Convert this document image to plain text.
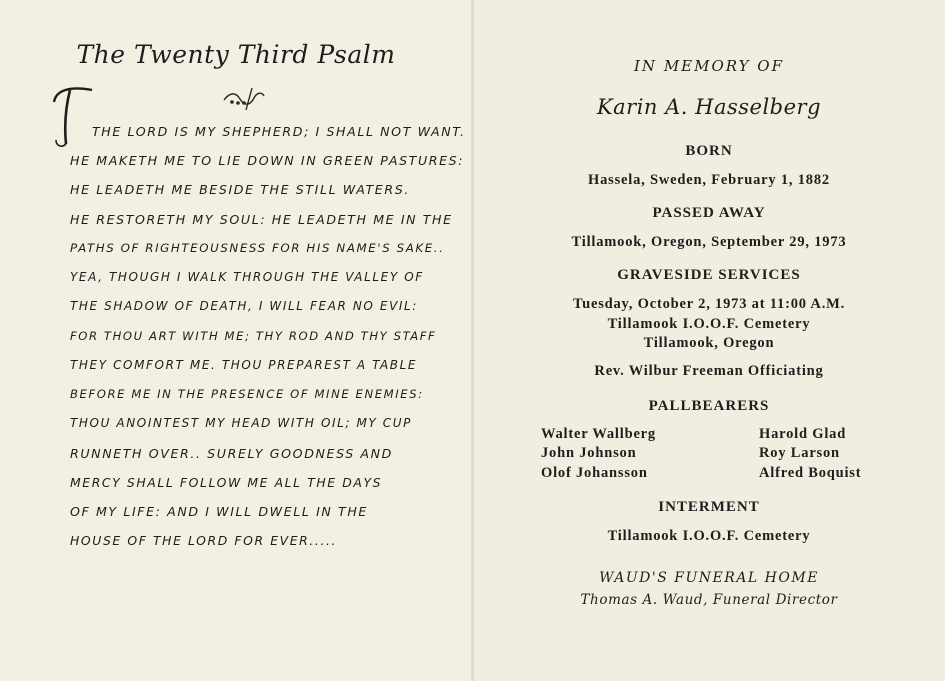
The Twenty Third Psalm
THE LORD IS MY SHEPHERD; I SHALL NOT WANT.
HE MAKETH ME TO LIE DOWN IN GREEN PASTURES:
HE LEADETH ME BESIDE THE STILL WATERS.
HE RESTORETH MY SOUL: HE LEADETH ME IN THE
PATHS OF RIGHTEOUSNESS FOR HIS NAME'S SAKE..
YEA, THOUGH I WALK THROUGH THE VALLEY OF
THE SHADOW OF DEATH, I WILL FEAR NO EVIL:
FOR THOU ART WITH ME; THY ROD AND THY STAFF
THEY COMFORT ME. THOU PREPAREST A TABLE
BEFORE ME IN THE PRESENCE OF MINE ENEMIES:
THOU ANOINTEST MY HEAD WITH OIL; MY CUP
RUNNETH OVER.. SURELY GOODNESS AND
MERCY SHALL FOLLOW ME ALL THE DAYS
OF MY LIFE: AND I WILL DWELL IN THE
HOUSE OF THE LORD FOR EVER.....
IN MEMORY OF
Karin A. Hasselberg
BORN
Hassela, Sweden, February 1, 1882
PASSED AWAY
Tillamook, Oregon, September 29, 1973
GRAVESIDE SERVICES
Tuesday, October 2, 1973 at 11:00 A.M.
Tillamook I.O.O.F. Cemetery
Tillamook, Oregon
Rev. Wilbur Freeman Officiating
PALLBEARERS
Walter Wallberg
John Johnson
Olof Johansson
Harold Glad
Roy Larson
Alfred Boquist
INTERMENT
Tillamook I.O.O.F. Cemetery
WAUD'S FUNERAL HOME
Thomas A. Waud, Funeral Director
